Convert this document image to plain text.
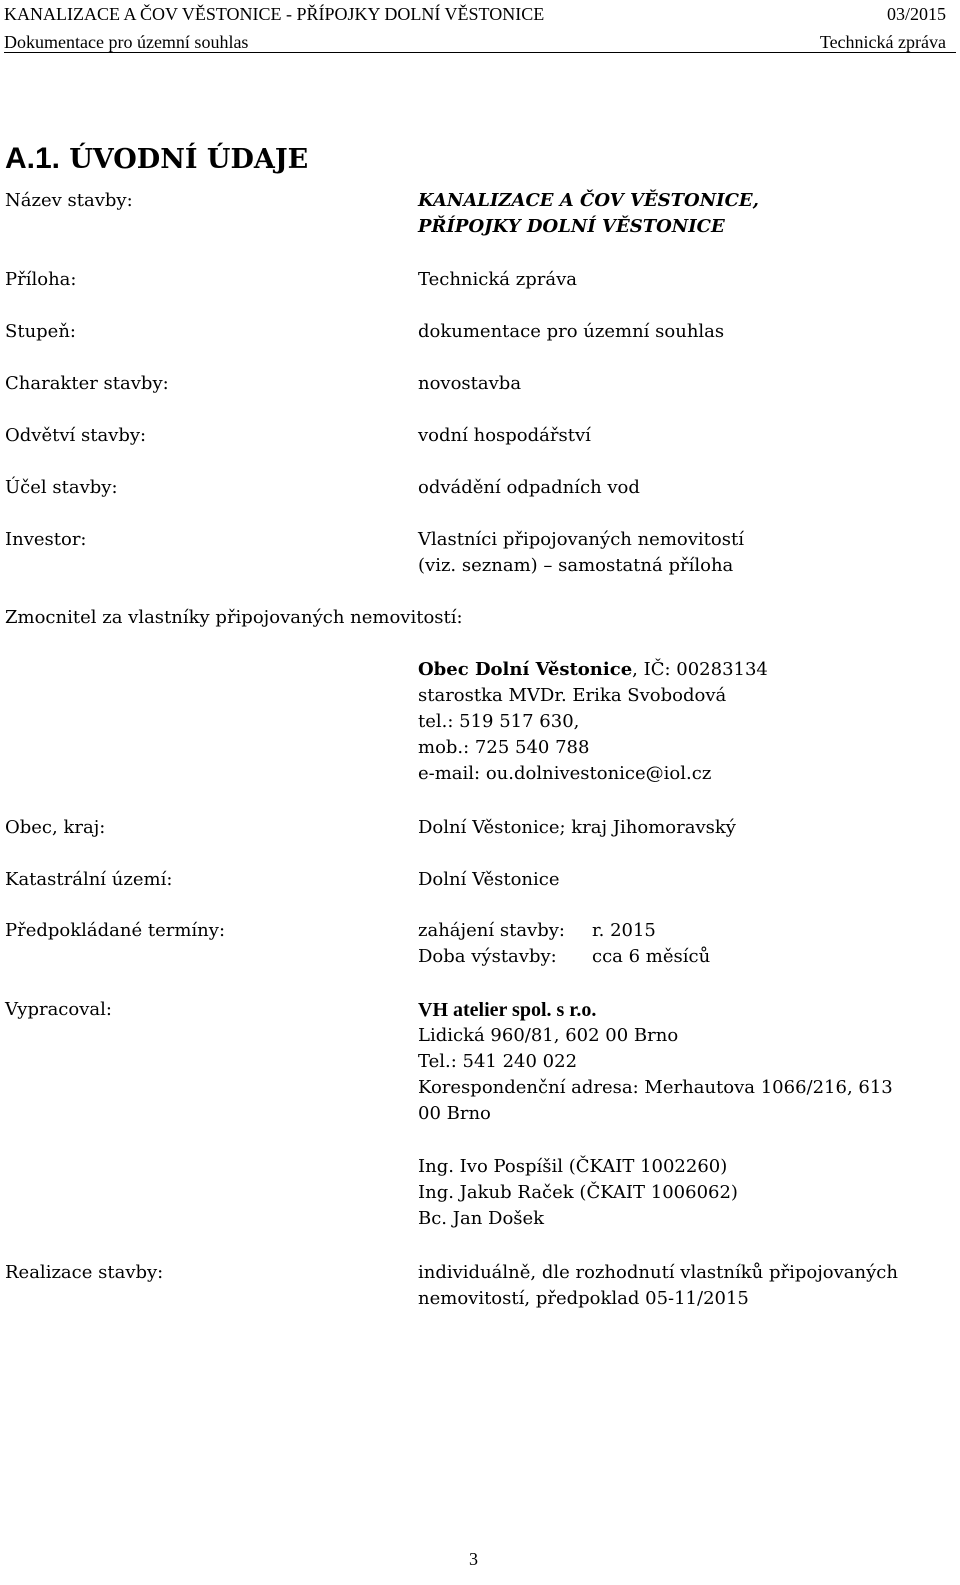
KANALIZACE A ČOV VĚSTONICE - PŘÍPOJKY DOLNÍ VĚSTONICE	03/2015
Dokumentace pro územní souhlas	Technická zpráva
A.1. ÚVODNÍ ÚDAJE
Název stavby:	KANALIZACE A ČOV VĚSTONICE,
PŘÍPOJKY DOLNÍ VĚSTONICE
Příloha:	Technická zpráva
Stupeň:	dokumentace pro územní souhlas
Charakter stavby:	novostavba
Odvětví stavby:	vodní hospodářství
Účel stavby:	odvádění odpadních vod
Investor:	Vlastníci připojovaných nemovitostí
(viz. seznam) – samostatná příloha
Zmocnitel za vlastníky připojovaných nemovitostí:
Obec Dolní Věstonice, IČ: 00283134
starostka MVDr. Erika Svobodová
tel.: 519 517 630,
mob.: 725 540 788
e-mail: ou.dolnivestonice@iol.cz
Obec, kraj:	Dolní Věstonice; kraj Jihomoravský
Katastrální území:	Dolní Věstonice
Předpokládané termíny:	zahájení stavby: r. 2015
Doba výstavby: cca 6 měsíců
Vypracoval:	VH atelier spol. s r.o.
Lidická 960/81, 602 00 Brno
Tel.: 541 240 022
Korespondenční adresa: Merhautova 1066/216, 613
00 Brno
Ing. Ivo Pospíšil (ČKAIT 1002260)
Ing. Jakub Raček (ČKAIT 1006062)
Bc. Jan Došek
Realizace stavby:	individuálně, dle rozhodnutí vlastníků připojovaných
nemovitostí, předpoklad 05-11/2015
3
